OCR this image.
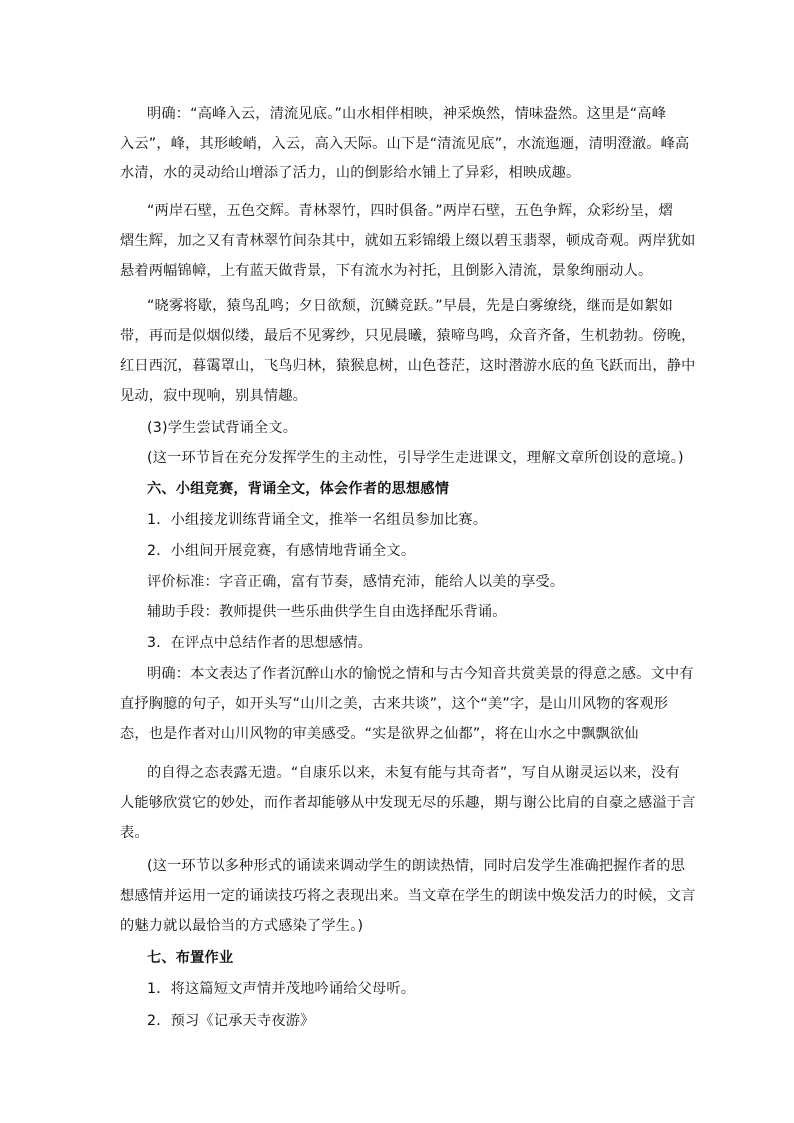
明确：“高峰入云，清流见底。”山水相伴相映，神采焕然，情味盎然。这里是“高峰
入云”，峰，其形峻峭，入云，高入天际。山下是“清流见底”，水流迤逦，清明澄澈。峰高
水清，水的灵动给山增添了活力，山的倒影给水铺上了异彩，相映成趣。
“两岸石壁，五色交辉。青林翠竹，四时俱备。”两岸石壁，五色争辉，众彩纷呈，熠
熠生辉，加之又有青林翠竹间杂其中，就如五彩锦缎上缀以碧玉翡翠，顿成奇观。两岸犹如
悬着两幅锦幛，上有蓝天做背景，下有流水为衬托，且倒影入清流，景象绚丽动人。
“晓雾将歇，猿鸟乱鸣；夕日欲颓，沉鳞竞跃。”早晨，先是白雾缭绕，继而是如絮如
带，再而是似烟似缕，最后不见雾纱，只见晨曦，猿啼鸟鸣，众音齐备，生机勃勃。傍晚，
红日西沉，暮霭罩山，飞鸟归林，猿猴息树，山色苍茫，这时潜游水底的鱼飞跃而出，静中
见动，寂中现响，别具情趣。
(3)学生尝试背诵全文。
(这一环节旨在充分发挥学生的主动性，引导学生走进课文，理解文章所创设的意境。)
六、小组竞赛，背诵全文，体会作者的思想感情
1．小组接龙训练背诵全文，推举一名组员参加比赛。
2．小组间开展竞赛，有感情地背诵全文。
评价标准：字音正确，富有节奏，感情充沛，能给人以美的享受。
辅助手段：教师提供一些乐曲供学生自由选择配乐背诵。
3．在评点中总结作者的思想感情。
明确：本文表达了作者沉醉山水的愉悦之情和与古今知音共赏美景的得意之感。文中有
直抒胸臆的句子，如开头写“山川之美，古来共谈”，这个“美”字，是山川风物的客观形
态，也是作者对山川风物的审美感受。“实是欲界之仙都”，将在山水之中飘飘欲仙
的自得之态表露无遗。“自康乐以来，未复有能与其奇者”，写自从谢灵运以来，没有
人能够欣赏它的妙处，而作者却能够从中发现无尽的乐趣，期与谢公比肩的自豪之感溢于言
表。
(这一环节以多种形式的诵读来调动学生的朗读热情，同时启发学生准确把握作者的思
想感情并运用一定的诵读技巧将之表现出来。当文章在学生的朗读中焕发活力的时候，文言
的魅力就以最恰当的方式感染了学生。)
七、布置作业
1．将这篇短文声情并茂地吟诵给父母听。
2．预习《记承天寺夜游》
